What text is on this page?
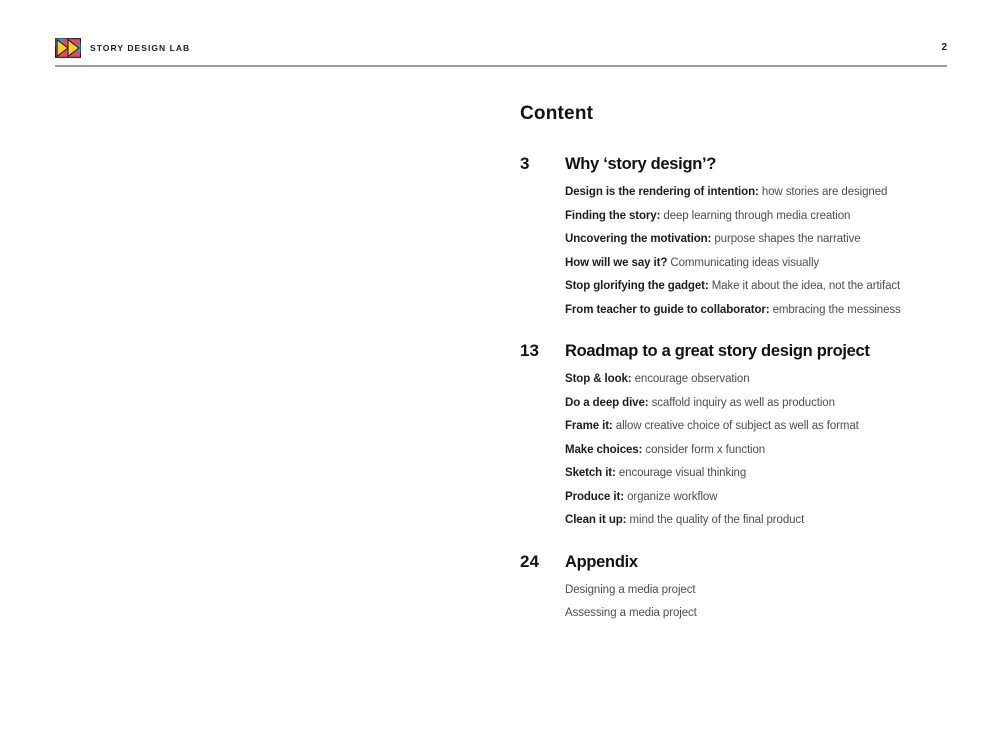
STORY DESIGN LAB	2
Content
3	Why ‘story design’?
Design is the rendering of intention: how stories are designed
Finding the story: deep learning through media creation
Uncovering the motivation: purpose shapes the narrative
How will we say it? Communicating ideas visually
Stop glorifying the gadget: Make it about the idea, not the artifact
From teacher to guide to collaborator: embracing the messiness
13	Roadmap to a great story design project
Stop & look: encourage observation
Do a deep dive: scaffold inquiry as well as production
Frame it: allow creative choice of subject as well as format
Make choices: consider form x function
Sketch it: encourage visual thinking
Produce it: organize workflow
Clean it up: mind the quality of the final product
24	Appendix
Designing a media project
Assessing a media project
